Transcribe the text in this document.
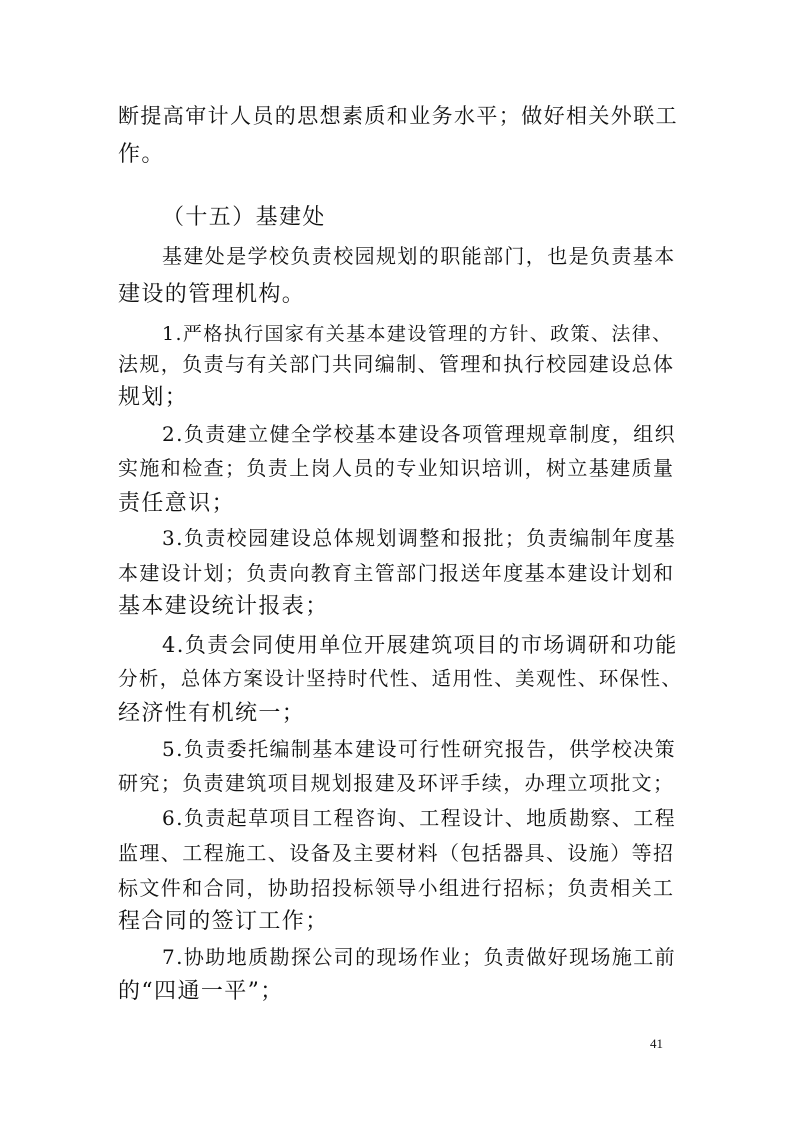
断提高审计人员的思想素质和业务水平；做好相关外联工
作。
（十五）基建处
基建处是学校负责校园规划的职能部门，也是负责基本
建设的管理机构。
1.严格执行国家有关基本建设管理的方针、政策、法律、
法规，负责与有关部门共同编制、管理和执行校园建设总体
规划；
2.负责建立健全学校基本建设各项管理规章制度，组织
实施和检查；负责上岗人员的专业知识培训，树立基建质量
责任意识；
3.负责校园建设总体规划调整和报批；负责编制年度基
本建设计划；负责向教育主管部门报送年度基本建设计划和
基本建设统计报表；
4.负责会同使用单位开展建筑项目的市场调研和功能
分析，总体方案设计坚持时代性、适用性、美观性、环保性、
经济性有机统一；
5.负责委托编制基本建设可行性研究报告，供学校决策
研究；负责建筑项目规划报建及环评手续，办理立项批文；
6.负责起草项目工程咨询、工程设计、地质勘察、工程
监理、工程施工、设备及主要材料（包括器具、设施）等招
标文件和合同，协助招投标领导小组进行招标；负责相关工
程合同的签订工作；
7.协助地质勘探公司的现场作业；负责做好现场施工前
的“四通一平”；
41
